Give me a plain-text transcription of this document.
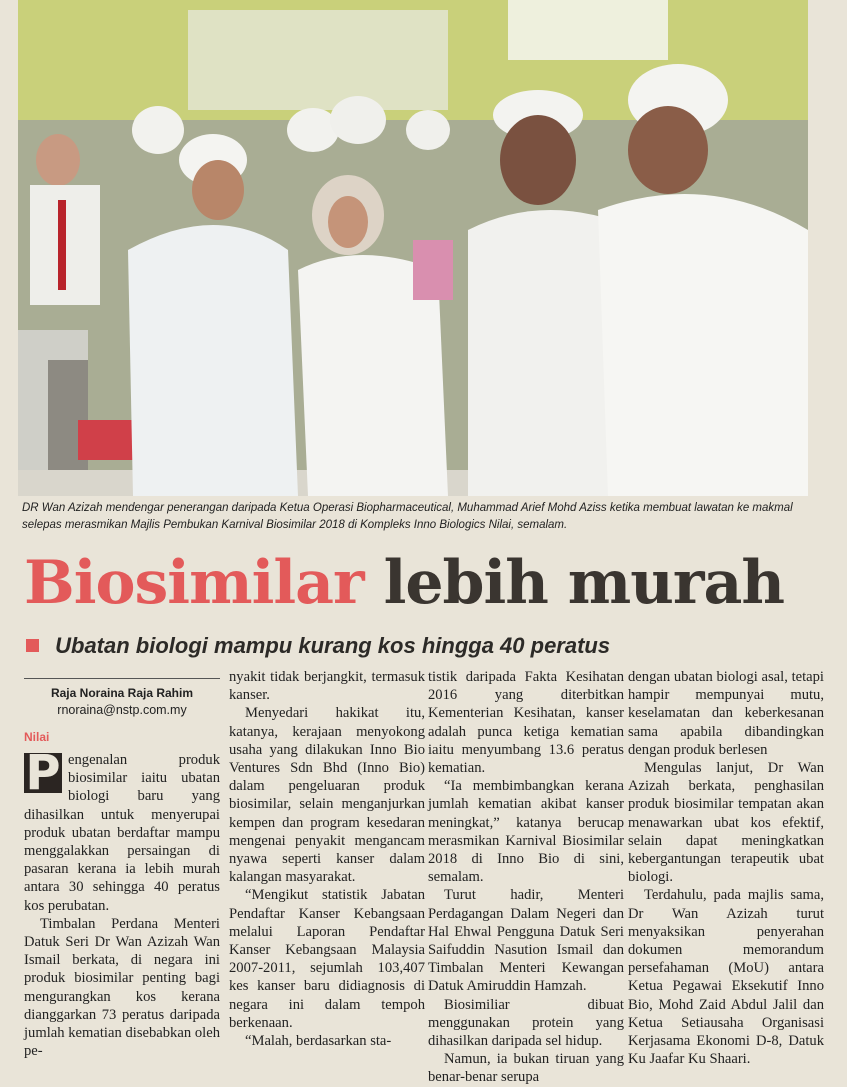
DR Wan Azizah mendengar penerangan daripada Ketua Operasi Biopharmaceutical, Muhammad Arief Mohd Aziss ketika membuat lawatan ke makmal selepas merasmikan Majlis Pembukan Karnival Biosimilar 2018 di Kompleks Inno Biologics Nilai, semalam.
Biosimilar lebih murah
Ubatan biologi mampu kurang kos hingga 40 peratus
Raja Noraina Raja Rahim
rnoraina@nstp.com.my
Nilai

P engenalan produk biosimilar iaitu ubatan biologi baru yang dihasilkan untuk menyerupai produk ubatan berdaftar mampu menggalakkan persaingan di pasaran kerana ia lebih murah antara 30 sehingga 40 peratus kos perubatan.

Timbalan Perdana Menteri Datuk Seri Dr Wan Azizah Wan Ismail berkata, di negara ini produk biosimilar penting bagi mengurangkan kos kerana dianggarkan 73 peratus daripada jumlah kematian disebabkan oleh pe-

nyakit tidak berjangkit, termasuk kanser.

Menyedari hakikat itu, katanya, kerajaan menyokong usaha yang dilakukan Inno Bio Ventures Sdn Bhd (Inno Bio) dalam pengeluaran produk biosimilar, selain menganjurkan kempen dan program kesedaran mengenai penyakit mengancam nyawa seperti kanser dalam kalangan masyarakat.

“Mengikut statistik Jabatan Pendaftar Kanser Kebangsaan melalui Laporan Pendaftar Kanser Kebangsaan Malaysia 2007-2011, sejumlah 103,407 kes kanser baru didiagnosis di negara ini dalam tempoh berkenaan.

“Malah, berdasarkan sta-

tistik daripada Fakta Kesihatan 2016 yang diterbitkan Kementerian Kesihatan, kanser adalah punca ketiga kematian iaitu menyumbang 13.6 peratus kematian.

“Ia membimbangkan kerana jumlah kematian akibat kanser meningkat,” katanya berucap merasmikan Karnival Biosimilar 2018 di Inno Bio di sini, semalam.

Turut hadir, Menteri Perdagangan Dalam Negeri dan Hal Ehwal Pengguna Datuk Seri Saifuddin Nasution Ismail dan Timbalan Menteri Kewangan Datuk Amiruddin Hamzah.

Biosimiliar dibuat menggunakan protein yang dihasilkan daripada sel hidup.

Namun, ia bukan tiruan yang benar-benar serupa

dengan ubatan biologi asal, tetapi hampir mempunyai mutu, keselamatan dan keberkesanan sama apabila dibandingkan dengan produk berlesen

Mengulas lanjut, Dr Wan Azizah berkata, penghasilan produk biosimilar tempatan akan menawarkan ubat kos efektif, selain dapat meningkatkan kebergantungan terapeutik ubat biologi.

Terdahulu, pada majlis sama, Dr Wan Azizah turut menyaksikan penyerahan dokumen memorandum persefahaman (MoU) antara Ketua Pegawai Eksekutif Inno Bio, Mohd Zaid Abdul Jalil dan Ketua Setiausaha Organisasi Kerjasama Ekonomi D-8, Datuk Ku Jaafar Ku Shaari.
